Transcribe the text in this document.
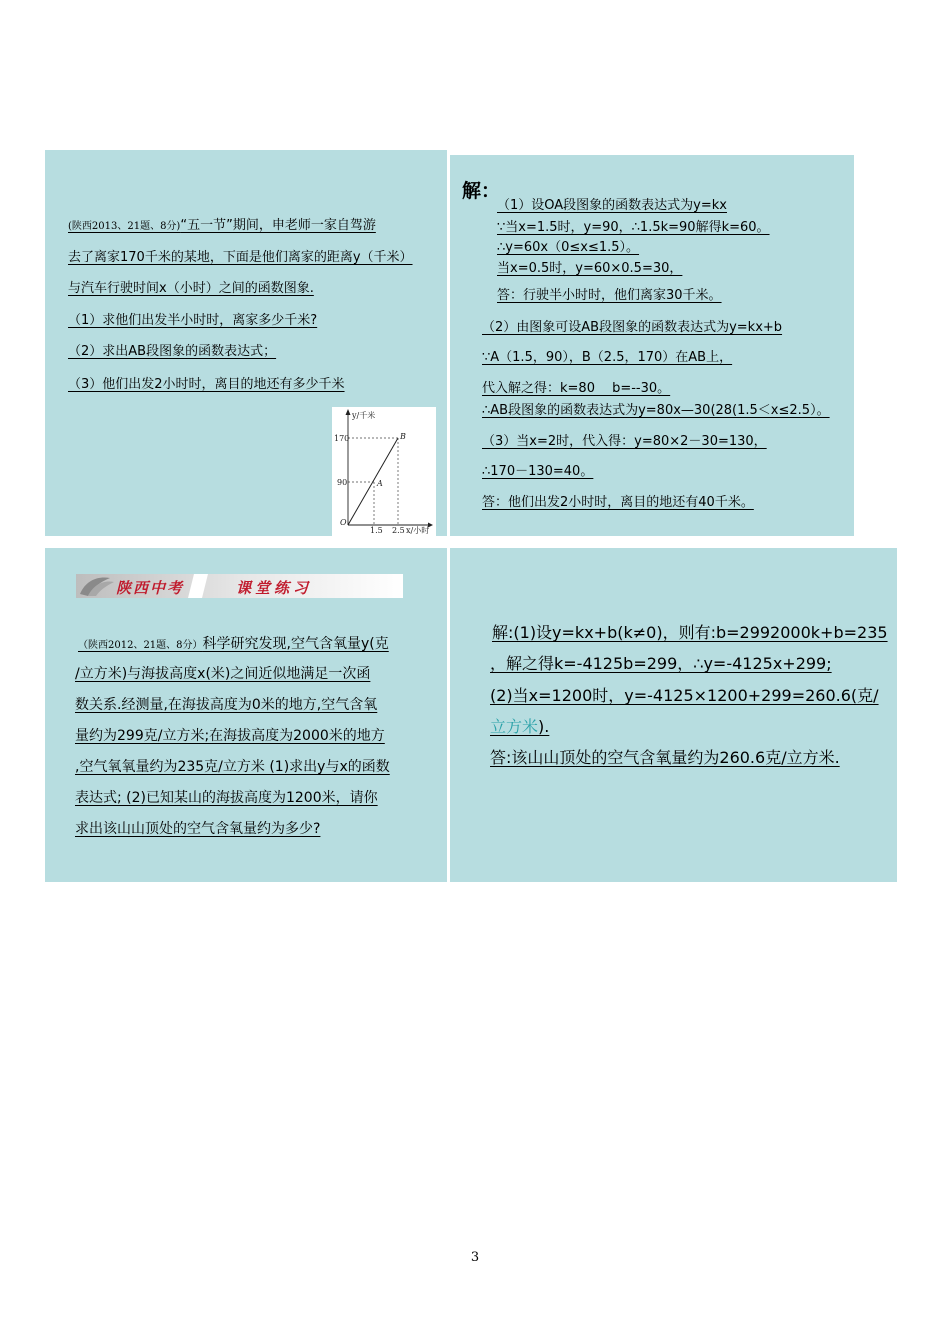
(陕西2013、21题、8分)“五一节”期间，申老师一家自驾游
去了离家170千米的某地，下面是他们离家的距离y（千米）
与汽车行驶时间x（小时）之间的函数图象.
（1）求他们出发半小时时，离家多少千米?
（2）求出AB段图象的函数表达式；
（3）他们出发2小时时，离目的地还有多少千米
y/千米
170
90
O
1.5 2.5 x/小时
A
B
解：
（1）设OA段图象的函数表达式为y=kx
∵当x=1.5时，y=90，∴1.5k=90解得k=60。
∴y=60x（0≤x≤1.5）。
当x=0.5时，y=60×0.5=30，
答：行驶半小时时，他们离家30千米。
（2）由图象可设AB段图象的函数表达式为y=kx+b
∵A（1.5，90），B（2.5，170）在AB上，
代入解之得：k=80　 b=--30。
∴AB段图象的函数表达式为y=80x—30(28(1.5＜x≤2.5）。
（3）当x=2时，代入得：y=80×2－30=130，
∴170－130=40。
答：他们出发2小时时，离目的地还有40千米。
陕西中考	课堂练习
（陕西2012、21题、8分）科学研究发现,空气含氧量y(克
/立方米)与海拔高度x(米)之间近似地满足一次函
数关系.经测量,在海拔高度为0米的地方,空气含氧
量约为299克/立方米;在海拔高度为2000米的地方
,空气氧氧量约为235克/立方米 (1)求出y与x的函数
表达式; (2)已知某山的海拔高度为1200米，请你
求出该山山顶处的空气含氧量约为多少?
解:(1)设y=kx+b(k≠0)，则有:b=2992000k+b=235
，解之得k=-4125b=299，∴y=-4125x+299;
(2)当x=1200时，y=-4125×1200+299=260.6(克/
立方米).
答:该山山顶处的空气含氧量约为260.6克/立方米.
3
